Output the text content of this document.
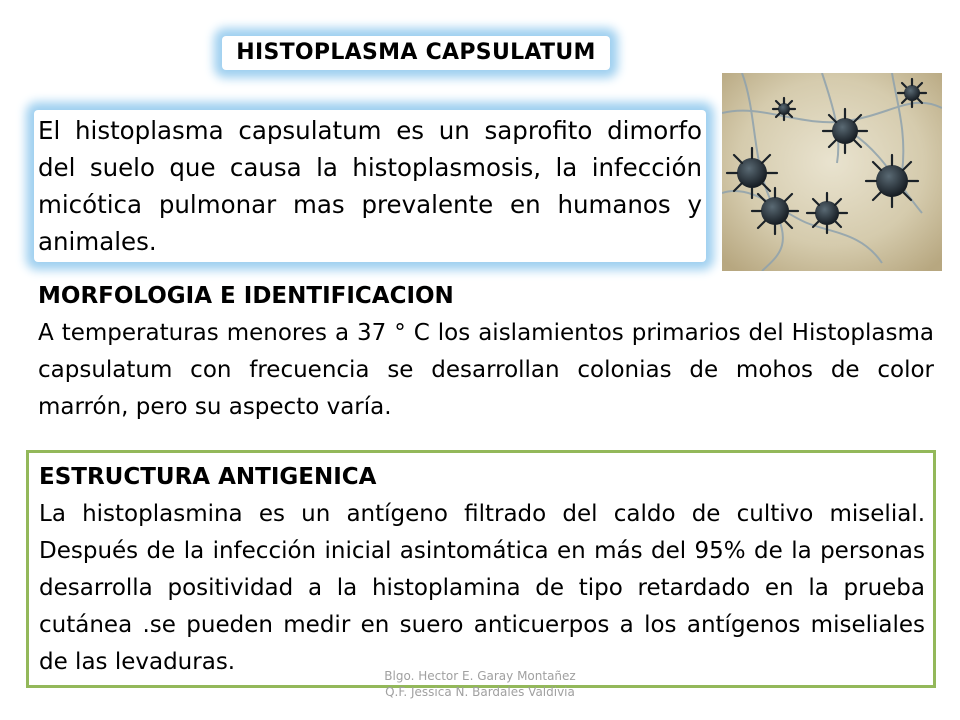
HISTOPLASMA CAPSULATUM
El histoplasma capsulatum es un saprofito dimorfo del suelo que causa la histoplasmosis, la infección micótica pulmonar mas prevalente en humanos y animales.
MORFOLOGIA E IDENTIFICACION
A temperaturas menores a 37 ° C los aislamientos primarios del Histoplasma capsulatum con frecuencia se desarrollan colonias de mohos de color marrón, pero su aspecto varía.
ESTRUCTURA ANTIGENICA
La histoplasmina es un antígeno filtrado del caldo de cultivo miselial. Después de la infección inicial asintomática en más del 95% de la personas desarrolla positividad a la histoplamina de tipo retardado en la prueba cutánea .se pueden medir en suero anticuerpos a los antígenos miseliales de las levaduras.
Blgo. Hector E. Garay Montañez
Q.F. Jessica N. Bardales Valdivia
